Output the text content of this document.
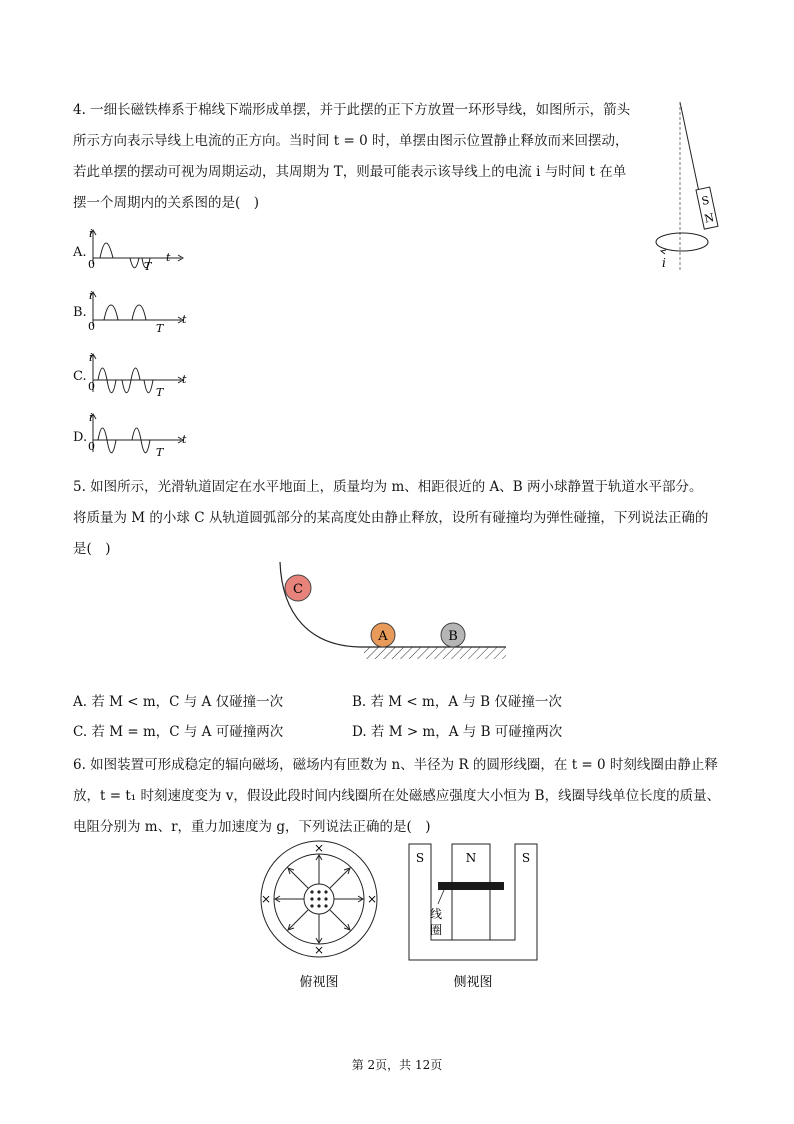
4. 一细长磁铁棒系于棉线下端形成单摆，并于此摆的正下方放置一环形导线，如图所示，箭头
所示方向表示导线上电流的正方向。当时间 t = 0 时，单摆由图示位置静止释放而来回摆动，
若此单摆的摆动可视为周期运动，其周期为 T，则最可能表示该导线上的电流 i 与时间 t 在单
摆一个周期内的关系图的是(　)	S
N
i
A.
i
0	T
t
B.
i
0	T
t
C.
i
0	T
t
D.
i
0	T
t
5. 如图所示，光滑轨道固定在水平地面上，质量均为 m、相距很近的 A、B 两小球静置于轨道水平部分。
将质量为 M 的小球 C 从轨道圆弧部分的某高度处由静止释放，设所有碰撞均为弹性碰撞，下列说法正确的
是(　)
C
A	B
A. 若 M < m，C 与 A 仅碰撞一次	B. 若 M < m，A 与 B 仅碰撞一次
C. 若 M = m，C 与 A 可碰撞两次	D. 若 M > m，A 与 B 可碰撞两次
6. 如图装置可形成稳定的辐向磁场，磁场内有匝数为 n、半径为 R 的圆形线圈，在 t = 0 时刻线圈由静止释
放，t = t₁ 时刻速度变为 v，假设此段时间内线圈所在处磁感应强度大小恒为 B，线圈导线单位长度的质量、
电阻分别为 m、r，重力加速度为 g，下列说法正确的是(　)
×
×
×	×
俯视图
S	N	S
线
圈
侧视图
第 2页，共 12页
